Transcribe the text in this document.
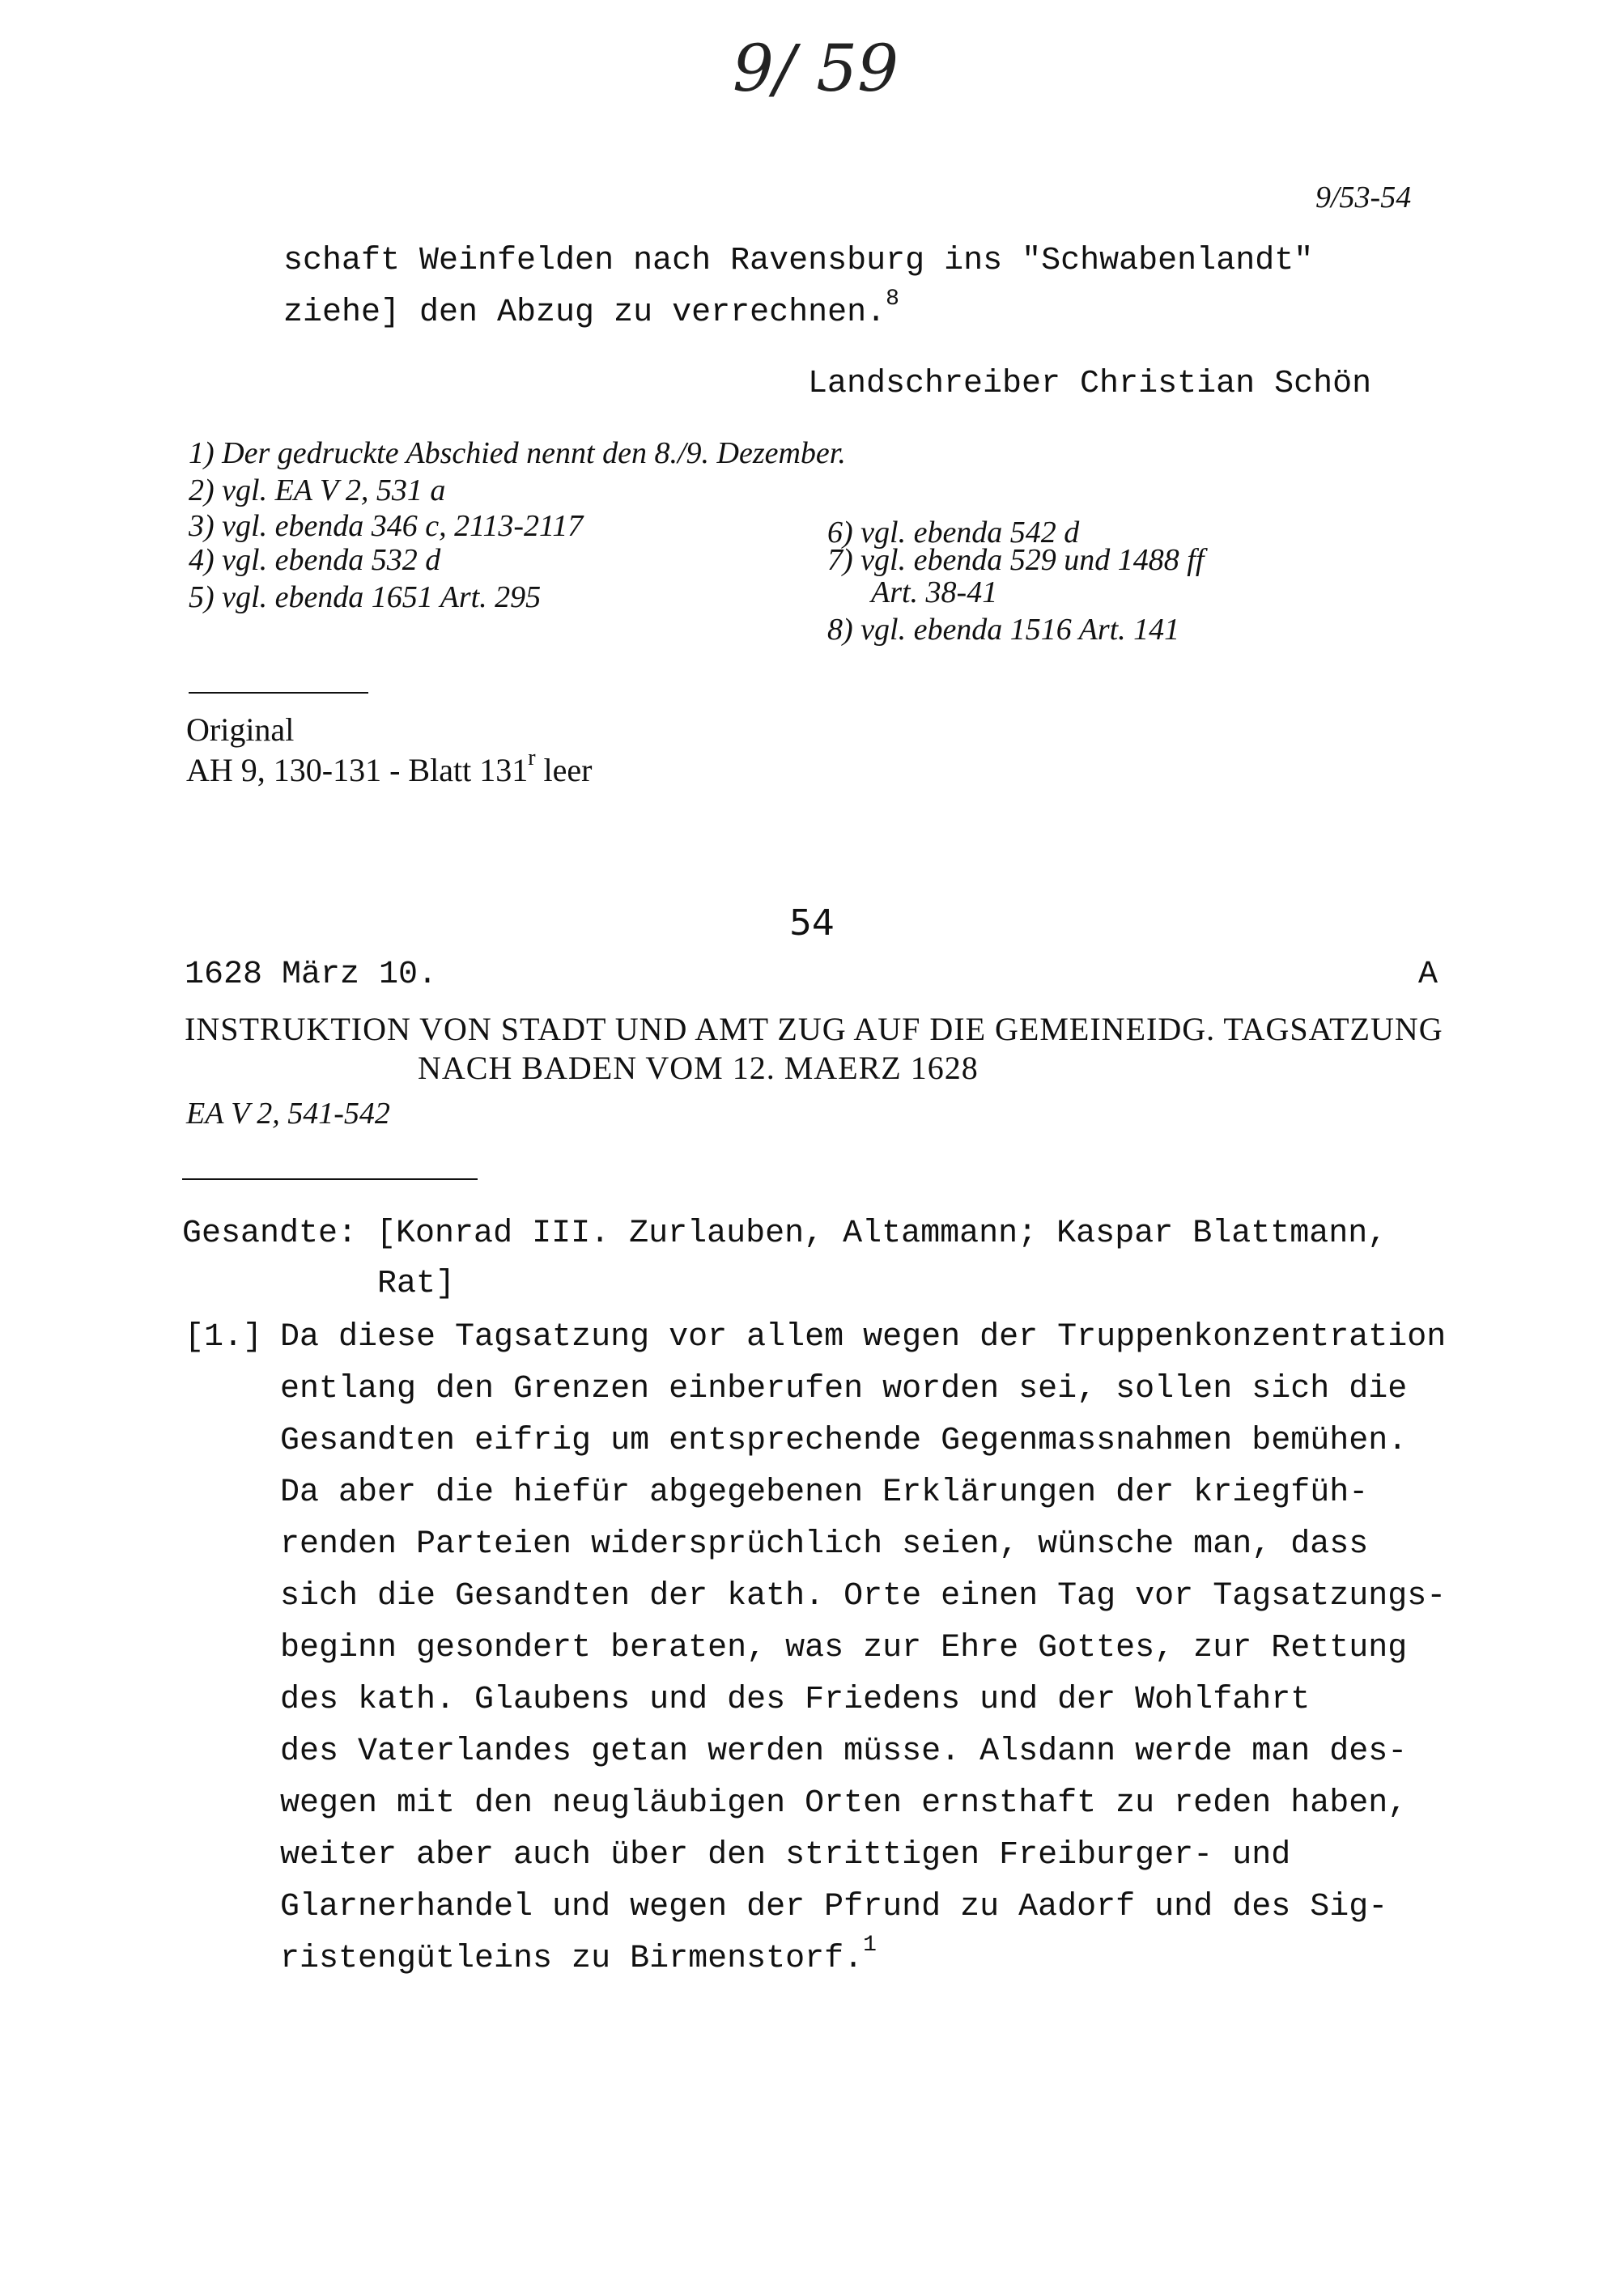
9/ 59
9/53-54
schaft Weinfelden nach Ravensburg ins "Schwabenlandt"
ziehe] den Abzug zu verrechnen.$^8$
Landschreiber Christian Schön
1) Der gedruckte Abschied nennt den 8./9. Dezember.
2) vgl. EA V 2, 531 a
3) vgl. ebenda 346 c, 2113-2117
4) vgl. ebenda 532 d
5) vgl. ebenda 1651 Art. 295
6) vgl. ebenda 542 d
7) vgl. ebenda 529 und 1488 ff
Art. 38-41
8) vgl. ebenda 1516 Art. 141
Original
AH 9, 130-131 - Blatt 131$^r$ leer
54
1628 März 10.	A
INSTRUKTION VON STADT UND AMT ZUG AUF DIE GEMEINEIDG. TAGSATZUNG
NACH BADEN VOM 12. MAERZ 1628
EA V 2, 541-542
Gesandte: [Konrad III. Zurlauben, Altammann; Kaspar Blattmann,
Rat]
[1.] Da diese Tagsatzung vor allem wegen der Truppenkonzentration
entlang den Grenzen einberufen worden sei, sollen sich die
Gesandten eifrig um entsprechende Gegenmassnahmen bemühen.
Da aber die hiefür abgegebenen Erklärungen der kriegfüh-
renden Parteien widersprüchlich seien, wünsche man, dass
sich die Gesandten der kath. Orte einen Tag vor Tagsatzungs-
beginn gesondert beraten, was zur Ehre Gottes, zur Rettung
des kath. Glaubens und des Friedens und der Wohlfahrt
des Vaterlandes getan werden müsse. Alsdann werde man des-
wegen mit den neugläubigen Orten ernsthaft zu reden haben,
weiter aber auch über den strittigen Freiburger- und
Glarnerhandel und wegen der Pfrund zu Aadorf und des Sig-
ristengütleins zu Birmenstorf.$^1$
